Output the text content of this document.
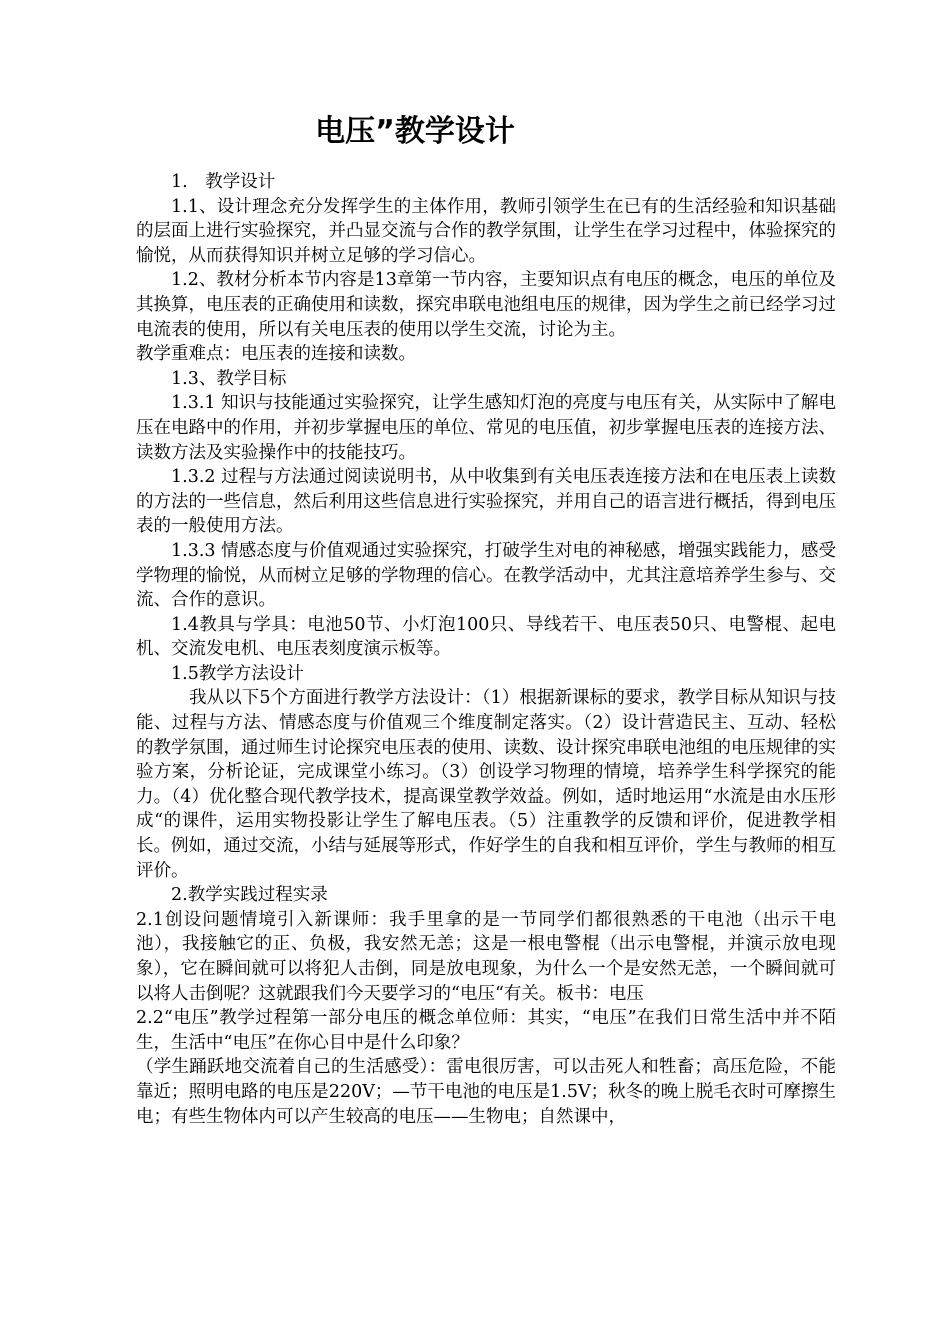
电压”教学设计

1.　教学设计

1.1、设计理念充分发挥学生的主体作用，教师引领学生在已有的生活经验和知识基础的层面上进行实验探究，并凸显交流与合作的教学氛围，让学生在学习过程中，体验探究的愉悦，从而获得知识并树立足够的学习信心。

1.2、教材分析本节内容是13章第一节内容，主要知识点有电压的概念，电压的单位及其换算，电压表的正确使用和读数，探究串联电池组电压的规律，因为学生之前已经学习过电流表的使用，所以有关电压表的使用以学生交流，讨论为主。

教学重难点：电压表的连接和读数。

1.3、教学目标

1.3.1 知识与技能通过实验探究，让学生感知灯泡的亮度与电压有关，从实际中了解电压在电路中的作用，并初步掌握电压的单位、常见的电压值，初步掌握电压表的连接方法、读数方法及实验操作中的技能技巧。

1.3.2 过程与方法通过阅读说明书，从中收集到有关电压表连接方法和在电压表上读数的方法的一些信息，然后利用这些信息进行实验探究，并用自己的语言进行概括，得到电压表的一般使用方法。

1.3.3 情感态度与价值观通过实验探究，打破学生对电的神秘感，增强实践能力，感受学物理的愉悦，从而树立足够的学物理的信心。在教学活动中，尤其注意培养学生参与、交流、合作的意识。

1.4教具与学具：电池50节、小灯泡100只、导线若干、电压表50只、电警棍、起电机、交流发电机、电压表刻度演示板等。

1.5教学方法设计

我从以下5个方面进行教学方法设计：（1）根据新课标的要求，教学目标从知识与技能、过程与方法、情感态度与价值观三个维度制定落实。（2）设计营造民主、互动、轻松的教学氛围，通过师生讨论探究电压表的使用、读数、设计探究串联电池组的电压规律的实验方案，分析论证，完成课堂小练习。（3）创设学习物理的情境，培养学生科学探究的能力。（4）优化整合现代教学技术，提高课堂教学效益。例如，适时地运用“水流是由水压形成“的课件，运用实物投影让学生了解电压表。（5）注重教学的反馈和评价，促进教学相长。例如，通过交流，小结与延展等形式，作好学生的自我和相互评价，学生与教师的相互评价。

2.教学实践过程实录

2.1创设问题情境引入新课师：我手里拿的是一节同学们都很熟悉的干电池（出示干电池），我接触它的正、负极，我安然无恙；这是一根电警棍（出示电警棍，并演示放电现象），它在瞬间就可以将犯人击倒，同是放电现象，为什么一个是安然无恙，一个瞬间就可以将人击倒呢？这就跟我们今天要学习的“电压“有关。板书：电压

2.2“电压”教学过程第一部分电压的概念单位师：其实，“电压”在我们日常生活中并不陌生，生活中“电压”在你心目中是什么印象？

（学生踊跃地交流着自己的生活感受）：雷电很厉害，可以击死人和牲畜；高压危险，不能靠近；照明电路的电压是220V；—节干电池的电压是1.5V；秋冬的晚上脱毛衣时可摩擦生电；有些生物体内可以产生较高的电压——生物电；自然课中，
